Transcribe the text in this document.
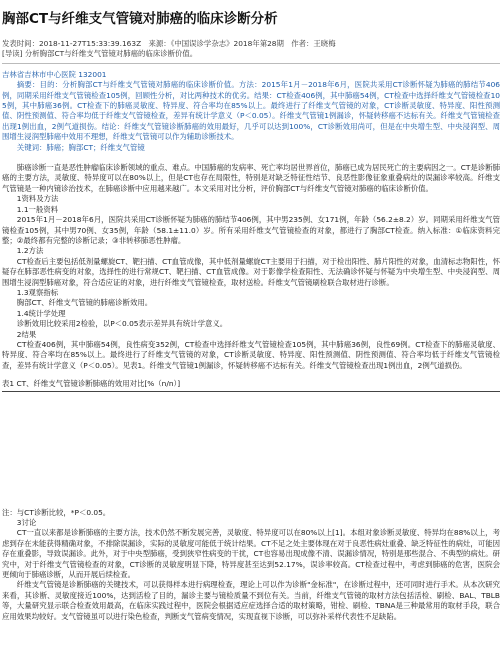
胸部CT与纤维支气管镜对肺癌的临床诊断分析
发表时间：2018-11-27T15:33:39.163Z 来源：《中国误诊学杂志》2018年第28期 作者：王晓梅
[导读] 分析胸部CT与纤维支气管镜对肺癌的临床诊断价值。
吉林省吉林市中心医院 132001

摘要：目的：分析胸部CT与纤维支气管镜对肺癌的临床诊断价值。方法：2015年1月－2018年6月，医院共采用CT诊断怀疑为肺癌的肺结节406例，同期采用纤维支气管镜检查105例，回顾性分析，对比两种技术的优劣。结果：CT检查406例，其中肺癌54例，CT检查中选择纤维支气管镜检查105例，其中肺癌36例。CT检查下的肺癌灵敏度、特异度、符合率均在85%以上。最终进行了纤维支气管镜的对象，CT诊断灵敏度、特异度、阳性预测值、阴性预测值、符合率均低于纤维支气管镜检查，差异有统计学意义（P＜0.05）。纤维支气管镜1例漏诊，怀疑转移癌不达标有关。纤维支气管镜检查出现1例出血，2例气道损伤。结论：纤维支气管镜诊断肺癌的效用最好，几乎可以达到100%，CT诊断效用尚可，但是在中央增生型、中央浸润型、周围增生浸润型肺癌中效用不理想，纤维支气管镜可以作为辅助诊断技术。

关键词：肺癌；胸部CT；纤维支气管镜

肺癌诊断一直是恶性肿瘤临床诊断领域的重点、难点。中国肺癌的发病率、死亡率均居世界首位，肺癌已成为居民死亡的主要病因之一。CT是诊断肺癌的主要方法，灵敏度、特异度可以在80%以上，但是CT也存在局限性，特别是对缺乏特征性结节、良恶性影像征象重叠病灶的误漏诊率较高。纤维支气管镜是一种内镜诊治技术，在肺癌诊断中应用越来越广。本文采用对比分析，评价胸部CT与纤维支气管镜对肺癌的临床诊断价值。

1资料及方法

1.1一般资料

2015年1月－2018年6月，医院共采用CT诊断怀疑为肺癌的肺结节406例，其中男235例、女171例，年龄（56.2±8.2）岁。同期采用纤维支气管镜检查105例，其中男70例、女35例，年龄（58.1±11.0）岁。所有采用纤维支气管镜检查的对象，都进行了胸部CT检查。纳入标准：①临床资料完整；②最终都有完整的诊断记录；③非转移肺恶性肿瘤。

1.2方法

CT检查后主要包括低剂量螺旋CT、靶扫描、CT血管成像，其中低剂量螺旋CT主要用于扫描，对于检出阳性、肺片阳性的对象，血清标志物阳性，怀疑存在肺部恶性病变的对象，选择性的进行常规CT、靶扫描、CT血管成像。对于影像学检查阳性、无法确诊怀疑与怀疑为中央增生型、中央浸润型、周围增生浸润型肺癌对象，符合适应证的对象，进行纤维支气管镜检查，取材送检。纤维支气管镜刷检联合取材进行诊断。

1.3观察指标

胸部CT、纤维支气管镜的肺癌诊断效用。

1.4统计学处理

诊断效用比较采用2检验，以P＜0.05表示差异具有统计学意义。

2结果

CT检查406例，其中肺癌54例，良性病变352例，CT检查中选择纤维支气管镜检查105例，其中肺癌36例，良性69例。CT检查下的肺癌灵敏度、特异度、符合率均在85%以上。最终进行了纤维支气管镜的对象，CT诊断灵敏度、特异度、阳性预测值、阴性预测值、符合率均低于纤维支气管镜检查，差异有统计学意义（P＜0.05）。见表1。纤维支气管镜1例漏诊，怀疑转移癌不达标有关。纤维支气管镜检查出现1例出血，2例气道损伤。

表1 CT、纤维支气管镜诊断肺癌的效用对比[%（n/n）]
注：与CT诊断比较，*P＜0.05。

3讨论

CT一直以来都是诊断肺癌的主要方法，技术仍然不断发展完善，灵敏度、特异度可以在80%以上[1]。本组对象诊断灵敏度、特异均在88%以上，考虑到存在未能获得精确对象，不排除误漏诊，实际的灵敏度可能低于统计结果。CT不足之处主要体现在对于良恶性病灶重叠、缺乏特征性的病灶，可能因存在重叠影，导致误漏诊。此外，对于中央型肺癌，受到狭窄性病变的干扰，CT也容易出现成像不清、误漏诊情况，特别是那些混合、不典型的病灶。研究中，对于纤维支气管镜检查的对象，CT诊断的灵敏度明显下降，特异度甚至达到52.17%，误诊率较高。CT检查过程中，考虑到肺癌的危害，医院会更倾向于肺癌诊断，从而开展后续检查。

纤维支气管镜是诊断肺癌的关键技术，可以获得样本进行病理检查，理论上可以作为诊断"金标准"，在诊断过程中，还可同时进行手术。从本次研究来看，其诊断、灵敏度接近100%，达到活检了目的，漏诊主要与镜检质量不到位有关。当前，纤维支气管镜的取材方法包括活检、刷检、BAL、TBLB等，大量研究显示联合检查效用最高，在临床实践过程中，医院会根据适应症选择合适的取材策略，钳检、刷检、TBNA是三种最常用的取材手段，联合应用效果均较好。支气管镜虽可以进行染色检查，判断支气管病变情况，实现直视下诊断，可以弥补采样代表性不足缺陷。
